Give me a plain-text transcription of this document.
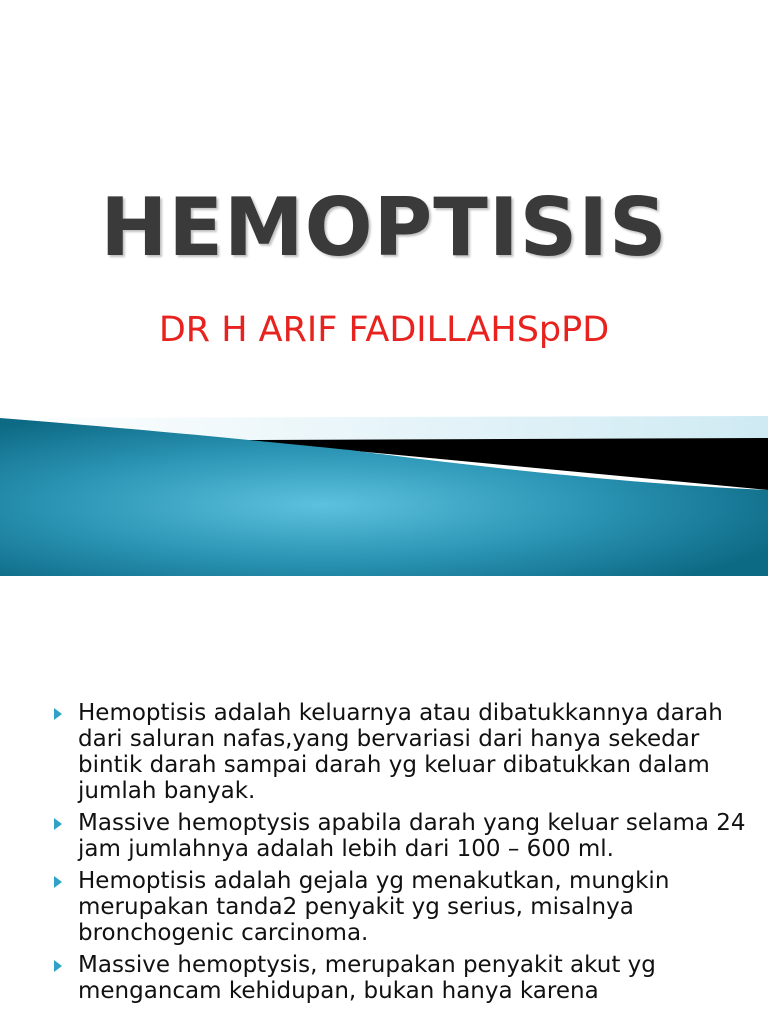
HEMOPTISIS
DR H ARIF FADILLAHSpPD
Hemoptisis adalah keluarnya atau dibatukkannya darah dari saluran nafas,yang bervariasi dari hanya sekedar bintik darah sampai darah yg keluar dibatukkan dalam jumlah banyak.
Massive hemoptysis apabila darah yang keluar selama 24 jam jumlahnya adalah lebih dari 100 – 600 ml.
Hemoptisis adalah gejala yg menakutkan, mungkin merupakan tanda2 penyakit yg serius, misalnya bronchogenic carcinoma.
Massive hemoptysis, merupakan penyakit akut yg mengancam kehidupan, bukan hanya karena
